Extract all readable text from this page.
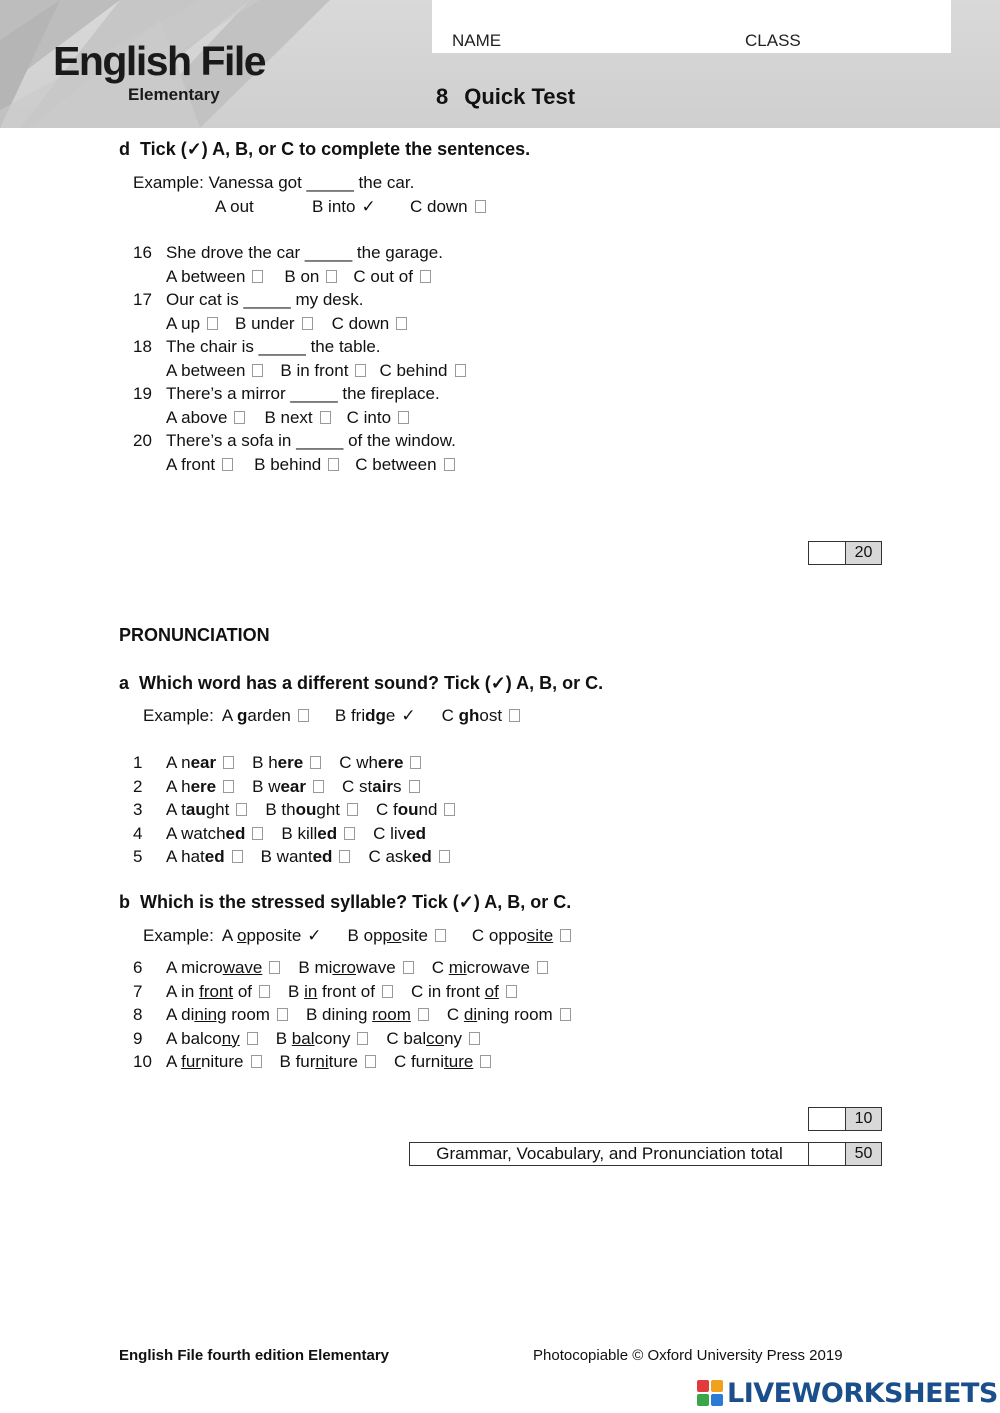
English File
Elementary
NAME	CLASS
8 Quick Test
d Tick (✓) A, B, or C to complete the sentences.
Example: Vanessa got _____ the car.
A out	B into ✓ C down
16 She drove the car _____ the garage.
A between B on C out of
17 Our cat is _____ my desk.
A up B under C down
18 The chair is _____ the table.
A between B in front C behind
19 There’s a mirror _____ the fireplace.
A above B next C into
20 There’s a sofa in _____ of the window.
A front B behind C between
20
PRONUNCIATION
a Which word has a different sound? Tick (✓) A, B, or C.
Example: A garden	B fridge ✓ C ghost
1 A near B here C where
2 A here B wear C stairs
3 A taught B thought C found
4 A watched B killed C lived
5 A hated B wanted C asked
b Which is the stressed syllable? Tick (✓) A, B, or C.
Example: A opposite ✓ B opposite	C opposite
6 A microwave B microwave C microwave
7 A in front of B in front of C in front of
8 A dining room B dining room C dining room
9 A balcony B balcony C balcony
10 A furniture B furniture C furniture
10
Grammar, Vocabulary, and Pronunciation total	50
English File fourth edition Elementary	Photocopiable © Oxford University Press 2019
LIVEWORKSHEETS
